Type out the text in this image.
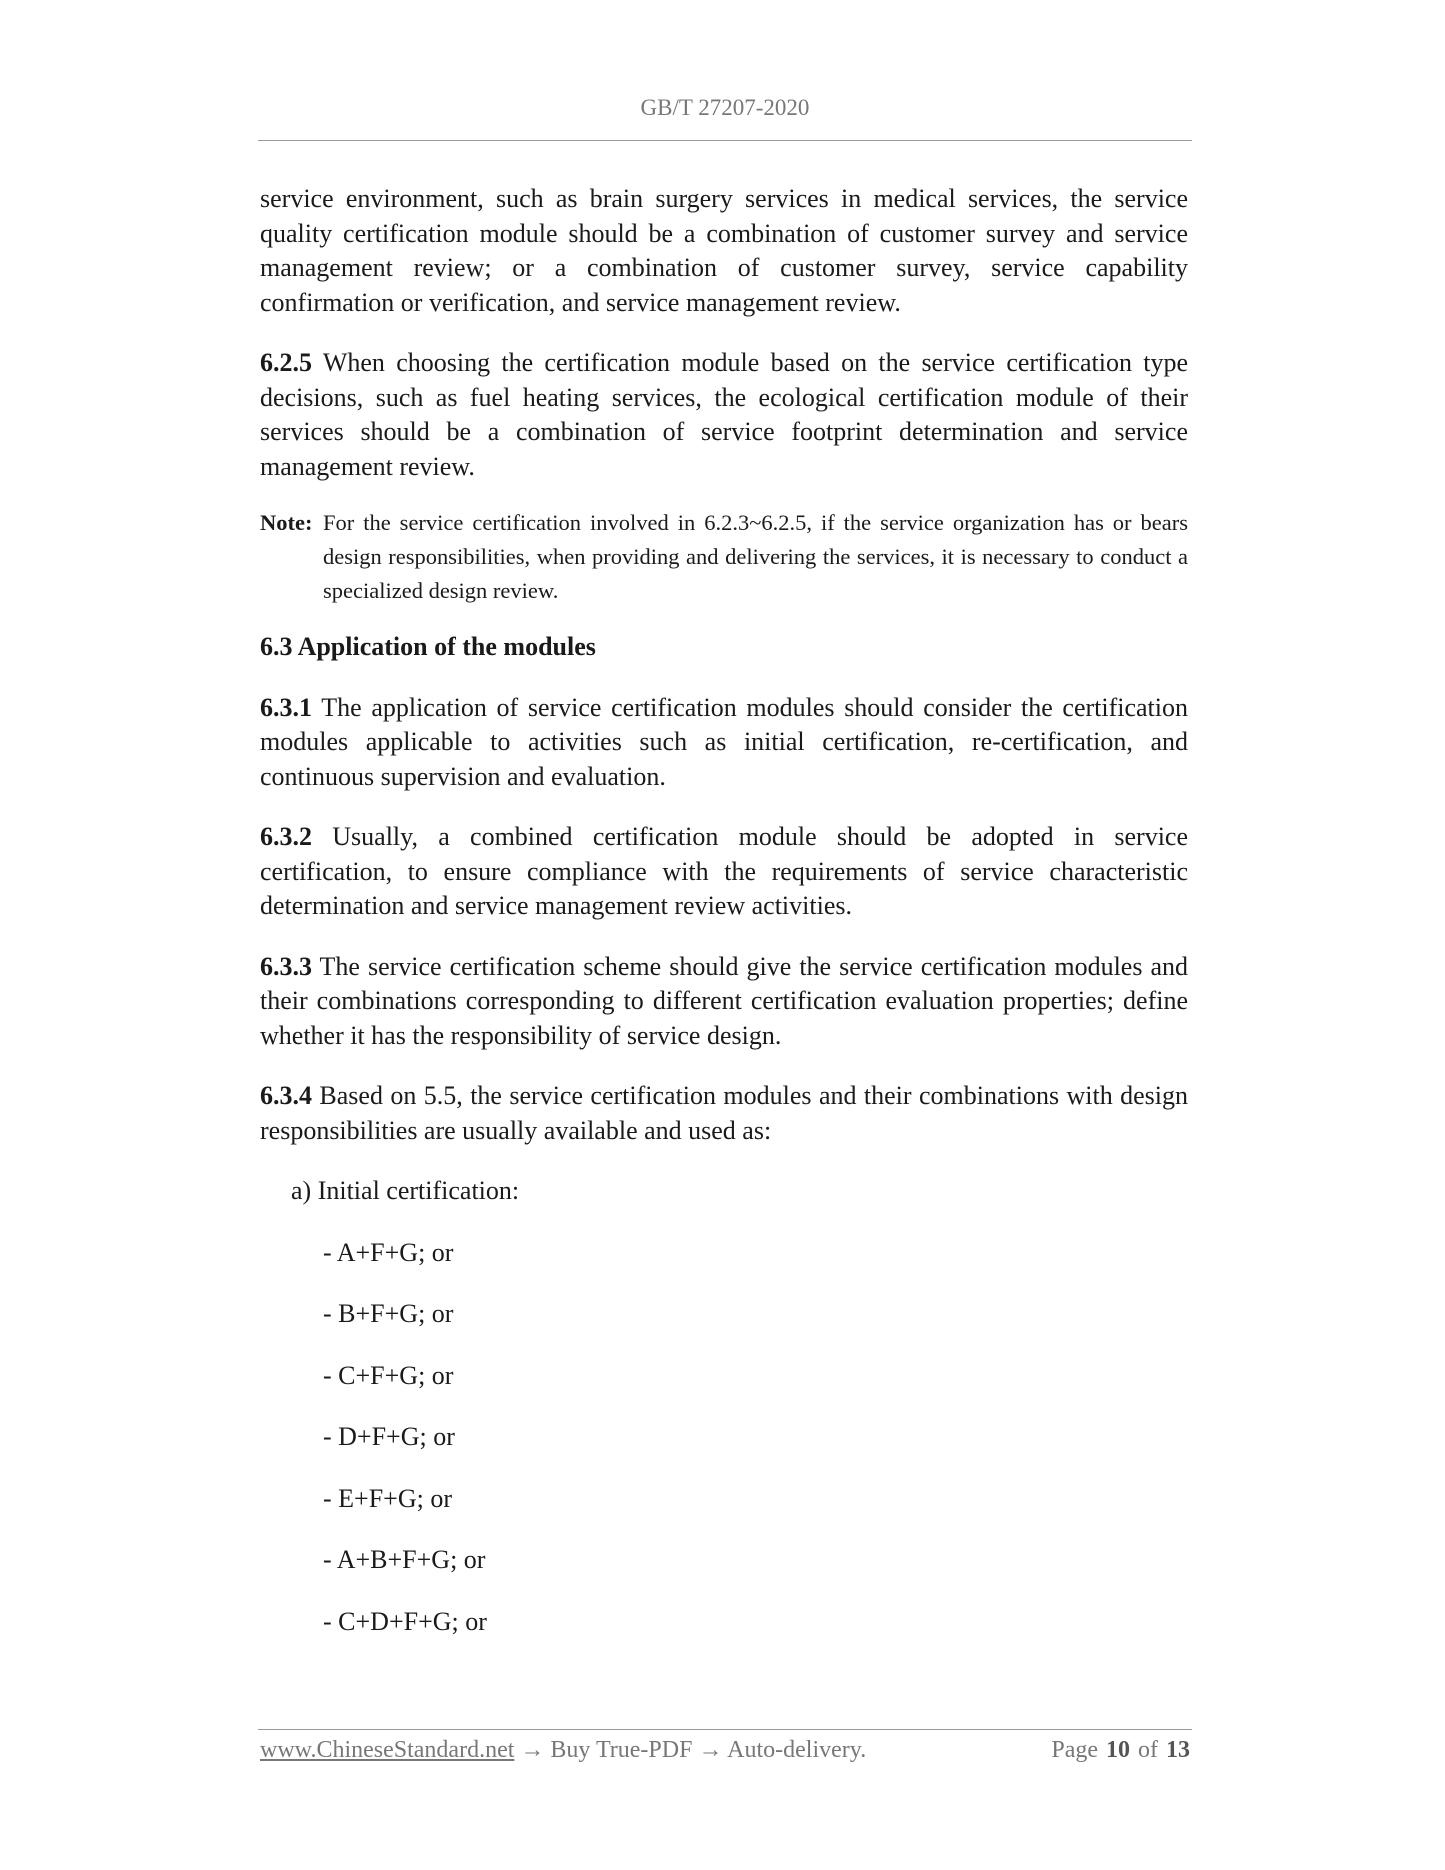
GB/T 27207-2020

service environment, such as brain surgery services in medical services, the service quality certification module should be a combination of customer survey and service management review; or a combination of customer survey, service capability confirmation or verification, and service management review.

6.2.5 When choosing the certification module based on the service certification type decisions, such as fuel heating services, the ecological certification module of their services should be a combination of service footprint determination and service management review.

Note: For the service certification involved in 6.2.3~6.2.5, if the service organization has or bears design responsibilities, when providing and delivering the services, it is necessary to conduct a specialized design review.

6.3 Application of the modules

6.3.1 The application of service certification modules should consider the certification modules applicable to activities such as initial certification, re-certification, and continuous supervision and evaluation.

6.3.2 Usually, a combined certification module should be adopted in service certification, to ensure compliance with the requirements of service characteristic determination and service management review activities.

6.3.3 The service certification scheme should give the service certification modules and their combinations corresponding to different certification evaluation properties; define whether it has the responsibility of service design.

6.3.4 Based on 5.5, the service certification modules and their combinations with design responsibilities are usually available and used as:

a) Initial certification:
- A+F+G; or
- B+F+G; or
- C+F+G; or
- D+F+G; or
- E+F+G; or
- A+B+F+G; or
- C+D+F+G; or
www.ChineseStandard.net → Buy True-PDF → Auto-delivery.	Page 10 of 13
